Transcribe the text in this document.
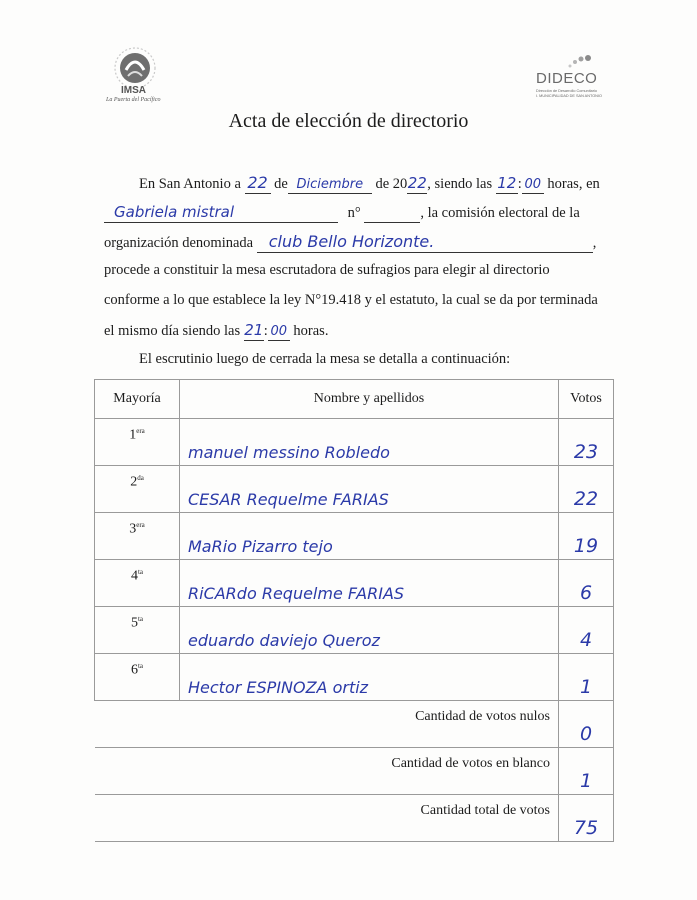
IMSA
La Puerta del Pacífico
DIDECO
Dirección de Desarrollo Comunitario
I. MUNICIPALIDAD DE SAN ANTONIO
Acta de elección de directorio
En San Antonio a 22 de Diciembre de 2022, siendo las 12: 00 horas, en
Gabriela mistral	n°	, la comisión electoral de la
organización denominada club Bello Horizonte.	,
procede a constituir la mesa escrutadora de sufragios para elegir al directorio
conforme a lo que establece la ley N°19.418 y el estatuto, la cual se da por terminada
el mismo día siendo las 21: 00 horas.
El escrutinio luego de cerrada la mesa se detalla a continuación:
Mayoría	Nombre y apellidos	Votos
$1^{era}$	manuel messino Robledo	23
$2^{da}$	CESAR Requelme FARIAS	22
$3^{era}$	MaRio Pizarro tejo	19
$4^{ta}$	RiCARdo Requelme FARIAS	6
$5^{ta}$	eduardo daviejo Queroz	4
$6^{ta}$	Hector ESPINOZA ortiz	1
Cantidad de votos nulos		0
Cantidad de votos en blanco		1
Cantidad total de votos		75
